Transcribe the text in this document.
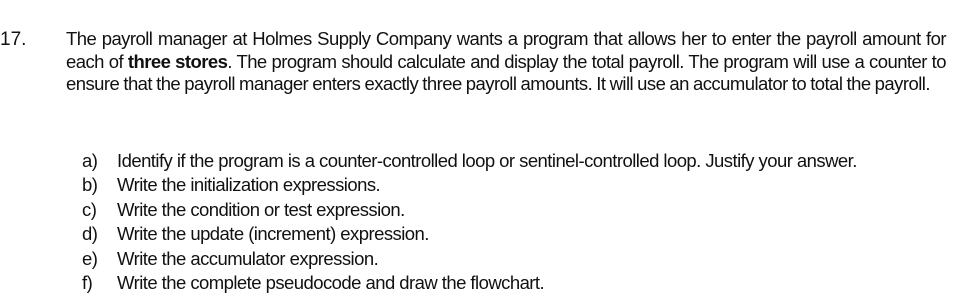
17. The payroll manager at Holmes Supply Company wants a program that allows her to enter the payroll amount for each of three stores. The program should calculate and display the total payroll. The program will use a counter to ensure that the payroll manager enters exactly three payroll amounts. It will use an accumulator to total the payroll.
a)	Identify if the program is a counter-controlled loop or sentinel-controlled loop. Justify your answer.
b)	Write the initialization expressions.
c)	Write the condition or test expression.
d)	Write the update (increment) expression.
e)	Write the accumulator expression.
f)	Write the complete pseudocode and draw the flowchart.
